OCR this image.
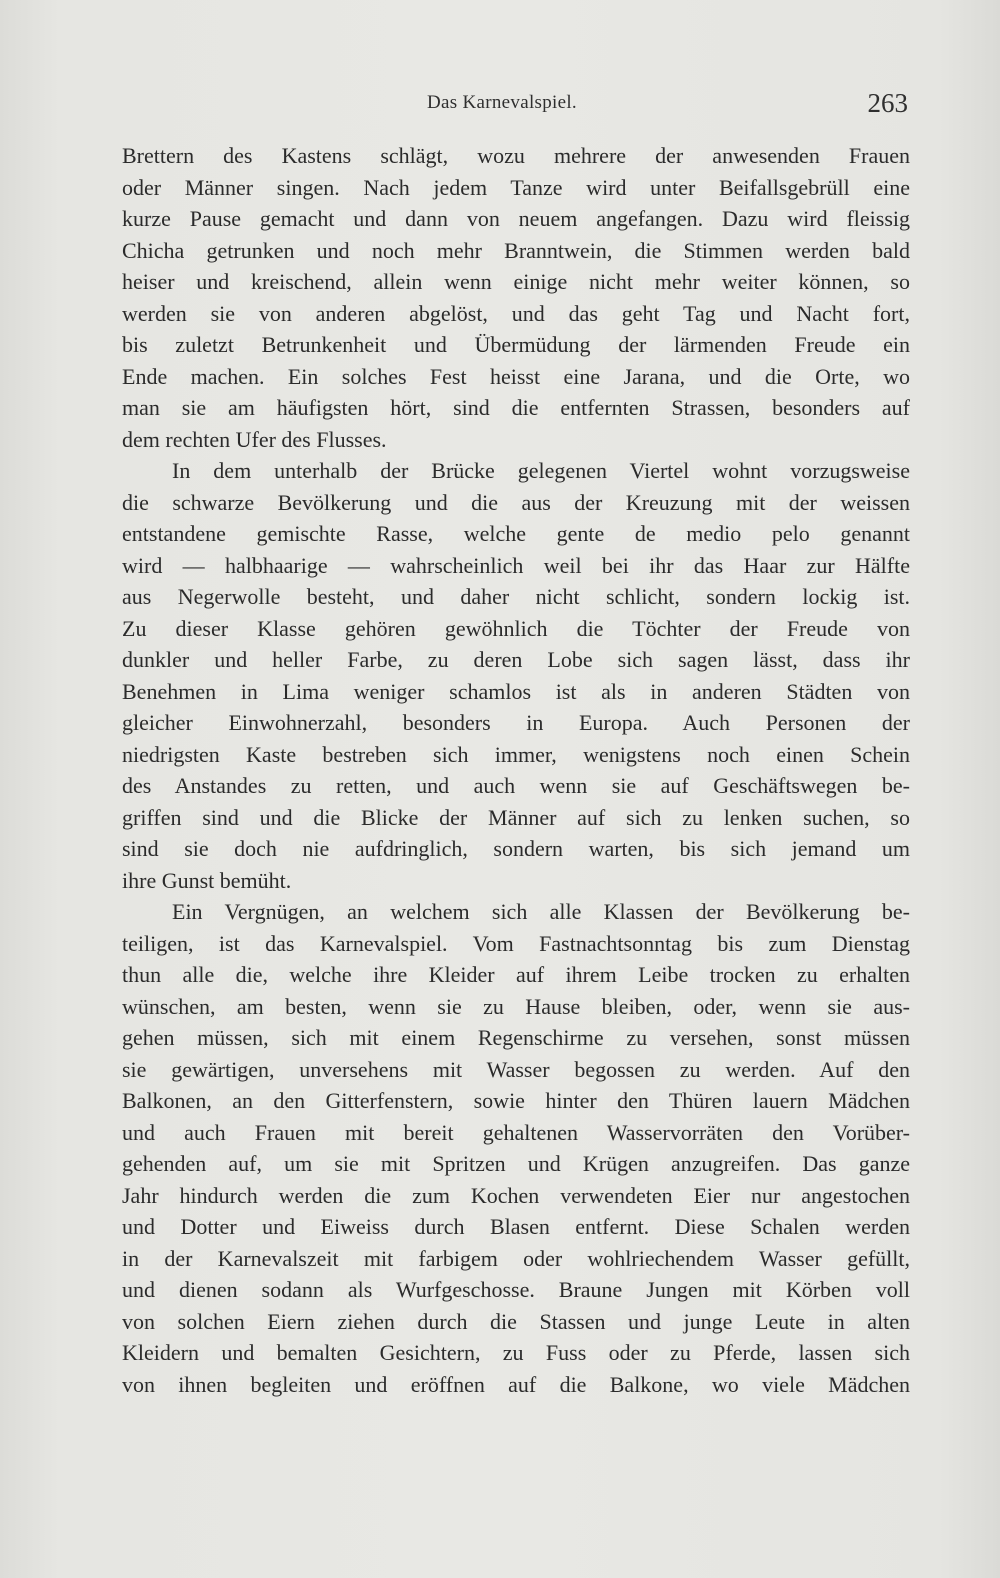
Das Karnevalspiel.	263
Brettern des Kastens schlägt, wozu mehrere der anwesenden Frauen
oder Männer singen. Nach jedem Tanze wird unter Beifallsgebrüll eine
kurze Pause gemacht und dann von neuem angefangen. Dazu wird fleissig
Chicha getrunken und noch mehr Branntwein, die Stimmen werden bald
heiser und kreischend, allein wenn einige nicht mehr weiter können, so
werden sie von anderen abgelöst, und das geht Tag und Nacht fort,
bis zuletzt Betrunkenheit und Übermüdung der lärmenden Freude ein
Ende machen. Ein solches Fest heisst eine Jarana, und die Orte, wo
man sie am häufigsten hört, sind die entfernten Strassen, besonders auf
dem rechten Ufer des Flusses.
In dem unterhalb der Brücke gelegenen Viertel wohnt vorzugsweise
die schwarze Bevölkerung und die aus der Kreuzung mit der weissen
entstandene gemischte Rasse, welche gente de medio pelo genannt
wird — halbhaarige — wahrscheinlich weil bei ihr das Haar zur Hälfte
aus Negerwolle besteht, und daher nicht schlicht, sondern lockig ist.
Zu dieser Klasse gehören gewöhnlich die Töchter der Freude von
dunkler und heller Farbe, zu deren Lobe sich sagen lässt, dass ihr
Benehmen in Lima weniger schamlos ist als in anderen Städten von
gleicher Einwohnerzahl, besonders in Europa. Auch Personen der
niedrigsten Kaste bestreben sich immer, wenigstens noch einen Schein
des Anstandes zu retten, und auch wenn sie auf Geschäftswegen be-
griffen sind und die Blicke der Männer auf sich zu lenken suchen, so
sind sie doch nie aufdringlich, sondern warten, bis sich jemand um
ihre Gunst bemüht.
Ein Vergnügen, an welchem sich alle Klassen der Bevölkerung be-
teiligen, ist das Karnevalspiel. Vom Fastnachtsonntag bis zum Dienstag
thun alle die, welche ihre Kleider auf ihrem Leibe trocken zu erhalten
wünschen, am besten, wenn sie zu Hause bleiben, oder, wenn sie aus-
gehen müssen, sich mit einem Regenschirme zu versehen, sonst müssen
sie gewärtigen, unversehens mit Wasser begossen zu werden. Auf den
Balkonen, an den Gitterfenstern, sowie hinter den Thüren lauern Mädchen
und auch Frauen mit bereit gehaltenen Wasservorräten den Vorüber-
gehenden auf, um sie mit Spritzen und Krügen anzugreifen. Das ganze
Jahr hindurch werden die zum Kochen verwendeten Eier nur angestochen
und Dotter und Eiweiss durch Blasen entfernt. Diese Schalen werden
in der Karnevalszeit mit farbigem oder wohlriechendem Wasser gefüllt,
und dienen sodann als Wurfgeschosse. Braune Jungen mit Körben voll
von solchen Eiern ziehen durch die Stassen und junge Leute in alten
Kleidern und bemalten Gesichtern, zu Fuss oder zu Pferde, lassen sich
von ihnen begleiten und eröffnen auf die Balkone, wo viele Mädchen
